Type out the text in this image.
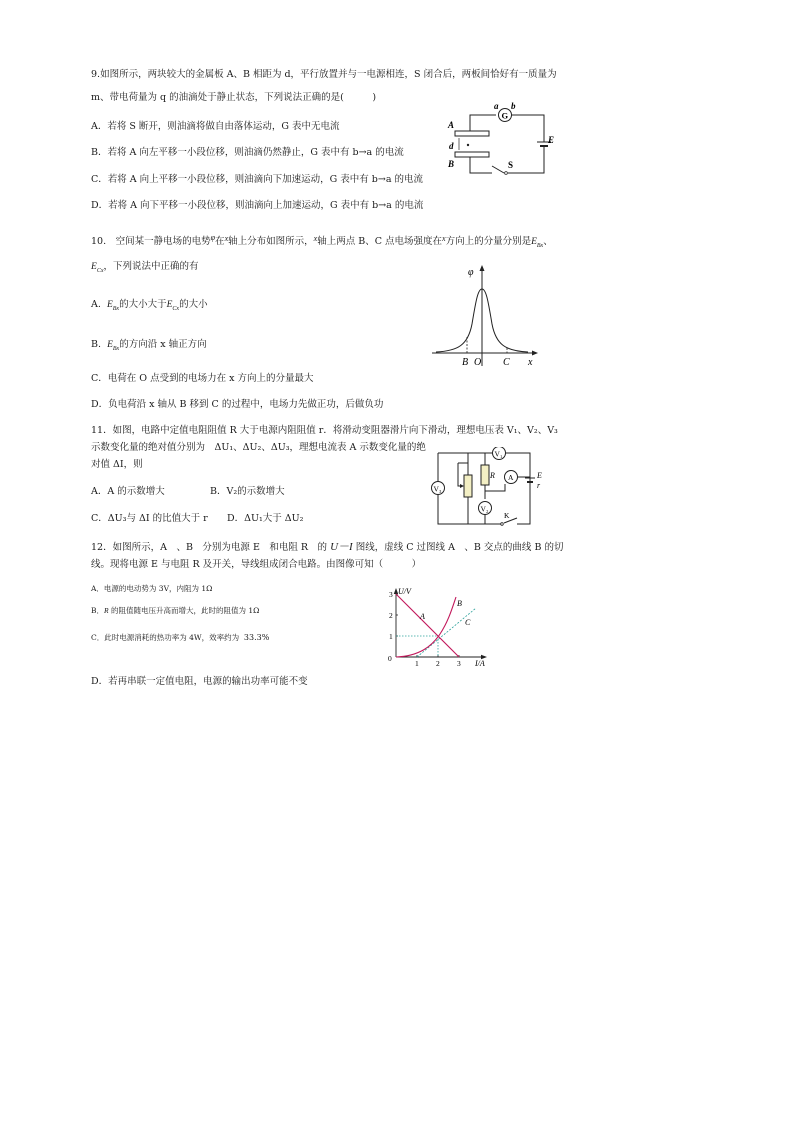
9.如图所示，两块较大的金属板 A、B 相距为 d，平行放置并与一电源相连，S 闭合后，两板间恰好有一质量为
m、带电荷量为 q 的油滴处于静止状态，下列说法正确的是(　　　)
A．若将 S 断开，则油滴将做自由落体运动，G 表中无电流
B．若将 A 向左平移一小段位移，则油滴仍然静止，G 表中有 b→a 的电流
C．若将 A 向上平移一小段位移，则油滴向下加速运动，G 表中有 b→a 的电流
D．若将 A 向下平移一小段位移，则油滴向上加速运动，G 表中有 b→a 的电流
a b
G
A
d
B
E
S
10.　空间某一静电场的电势$^\varphi$在$^x$轴上分布如图所示，$^x$轴上两点 B、C 点电场强度在$^x$方向上的分量分别是$E_{Bx}$、
$E_{Cx}$，下列说法中正确的有
A. $E_{Bx}$的大小大于$E_{Cx}$的大小
B. $E_{Bx}$的方向沿 x 轴正方向
C．电荷在 O 点受到的电场力在 x 方向上的分量最大
D．负电荷沿 x 轴从 B 移到 C 的过程中，电场力先做正功，后做负功
φ
B O C x
11．如图，电路中定值电阻阻值 R 大于电源内阻阻值 r．将滑动变阻器滑片向下滑动，理想电压表 V₁、V₂、V₃
示数变化量的绝对值分别为　ΔU₁、ΔU₂、ΔU₃，理想电流表 A 示数变化量的绝
对值 ΔI，则
A．A 的示数增大	B．V₂的示数增大
C．ΔU₃与 ΔI 的比值大于 r D．ΔU₁大于 ΔU₂
V₃
R
V₂
V₁
A	E
r
K
12．如图所示，A　、B　分别为电源 E　和电阻 R　的 U－I 图线，虚线 C 过图线 A　、B 交点的曲线 B 的切
线。现将电源 E 与电阻 R 及开关，导线组成闭合电路。由图像可知（　　　）
A．电源的电动势为 3V，内阻为 1Ω
B．R 的阻值随电压升高而增大，此时的阻值为 1Ω
C．此时电源消耗的热功率为 4W，效率约为 33.3%
D．若再串联一定值电阻，电源的输出功率可能不变
U/V
I/A
0
1
2
3
1 2 3
A
B
C
